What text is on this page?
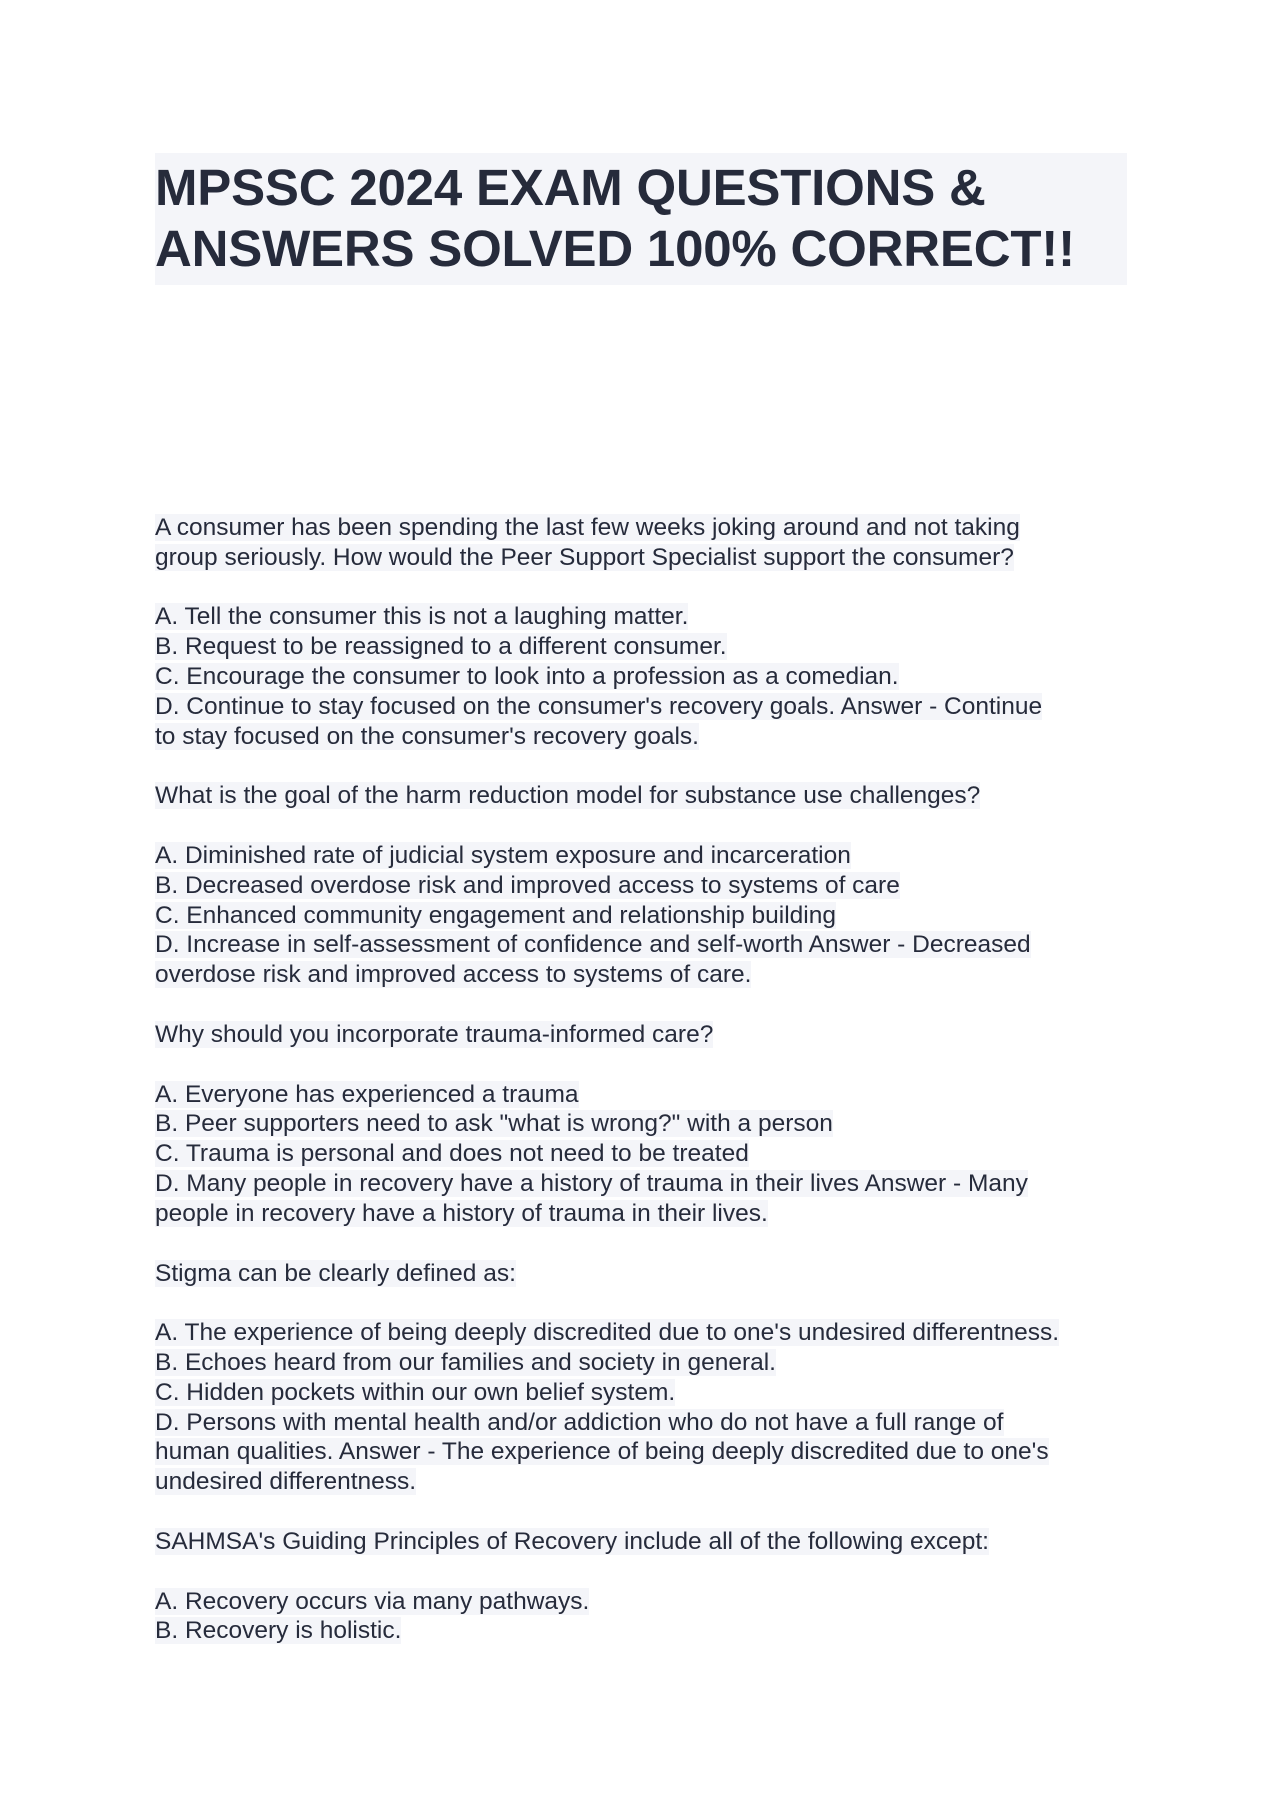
MPSSC 2024 EXAM QUESTIONS &
ANSWERS SOLVED 100% CORRECT!!
A consumer has been spending the last few weeks joking around and not taking
group seriously. How would the Peer Support Specialist support the consumer?
A. Tell the consumer this is not a laughing matter.
B. Request to be reassigned to a different consumer.
C. Encourage the consumer to look into a profession as a comedian.
D. Continue to stay focused on the consumer's recovery goals. Answer - Continue
to stay focused on the consumer's recovery goals.
What is the goal of the harm reduction model for substance use challenges?
A. Diminished rate of judicial system exposure and incarceration
B. Decreased overdose risk and improved access to systems of care
C. Enhanced community engagement and relationship building
D. Increase in self-assessment of confidence and self-worth Answer - Decreased
overdose risk and improved access to systems of care.
Why should you incorporate trauma-informed care?
A. Everyone has experienced a trauma
B. Peer supporters need to ask "what is wrong?" with a person
C. Trauma is personal and does not need to be treated
D. Many people in recovery have a history of trauma in their lives Answer - Many
people in recovery have a history of trauma in their lives.
Stigma can be clearly defined as:
A. The experience of being deeply discredited due to one's undesired differentness.
B. Echoes heard from our families and society in general.
C. Hidden pockets within our own belief system.
D. Persons with mental health and/or addiction who do not have a full range of
human qualities. Answer - The experience of being deeply discredited due to one's
undesired differentness.
SAHMSA's Guiding Principles of Recovery include all of the following except:
A. Recovery occurs via many pathways.
B. Recovery is holistic.
